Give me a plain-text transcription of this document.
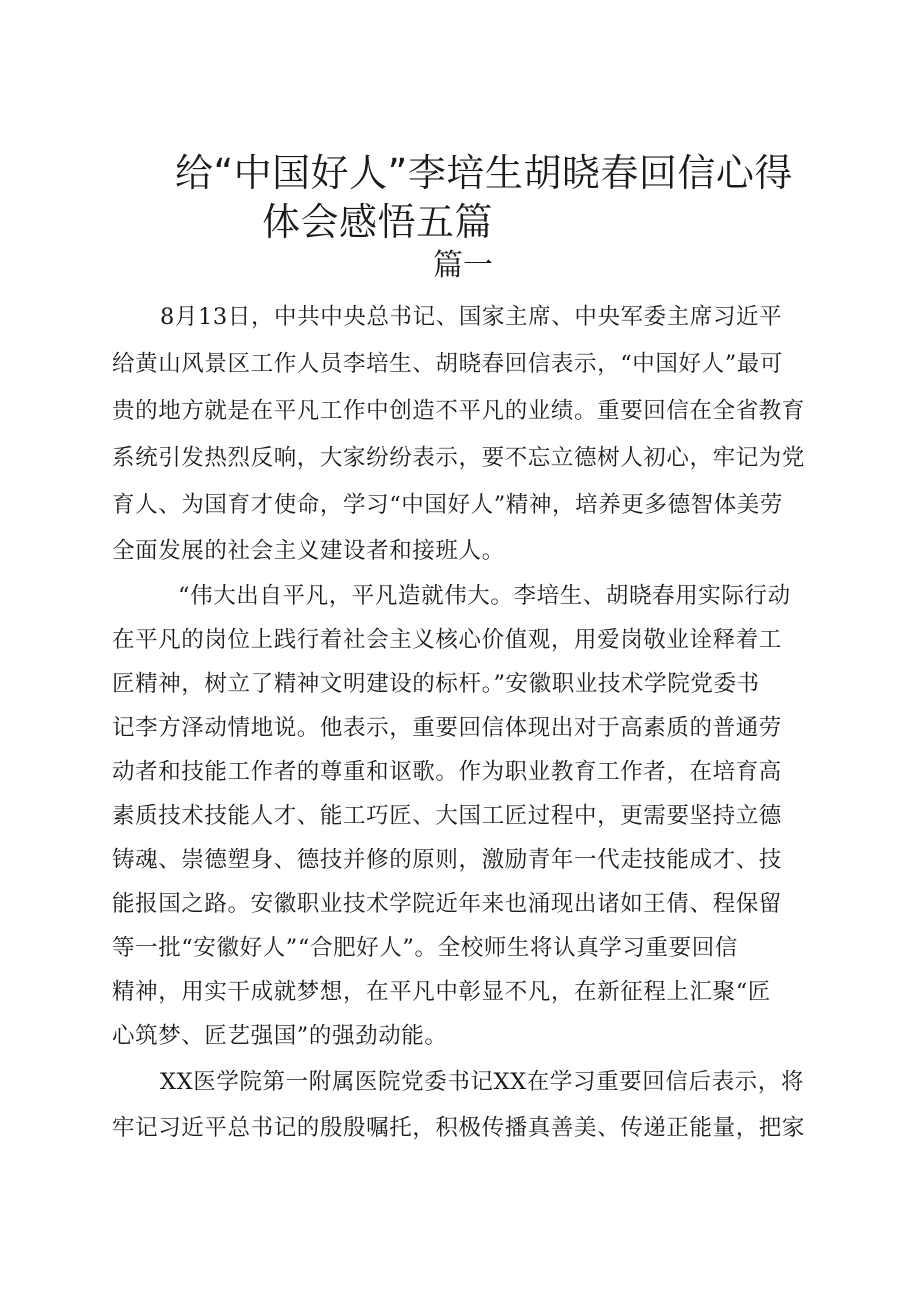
给“中国好人”李培生胡晓春回信心得
体会感悟五篇
篇一
8月13日，中共中央总书记、国家主席、中央军委主席习近平
给黄山风景区工作人员李培生、胡晓春回信表示，“中国好人”最可
贵的地方就是在平凡工作中创造不平凡的业绩。重要回信在全省教育
系统引发热烈反响，大家纷纷表示，要不忘立德树人初心，牢记为党
育人、为国育才使命，学习“中国好人”精神，培养更多德智体美劳
全面发展的社会主义建设者和接班人。
“伟大出自平凡，平凡造就伟大。李培生、胡晓春用实际行动
在平凡的岗位上践行着社会主义核心价值观，用爱岗敬业诠释着工
匠精神，树立了精神文明建设的标杆。”安徽职业技术学院党委书
记李方泽动情地说。他表示，重要回信体现出对于高素质的普通劳
动者和技能工作者的尊重和讴歌。作为职业教育工作者，在培育高
素质技术技能人才、能工巧匠、大国工匠过程中，更需要坚持立德
铸魂、崇德塑身、德技并修的原则，激励青年一代走技能成才、技
能报国之路。安徽职业技术学院近年来也涌现出诸如王倩、程保留
等一批“安徽好人”“合肥好人”。全校师生将认真学习重要回信
精神，用实干成就梦想，在平凡中彰显不凡，在新征程上汇聚“匠
心筑梦、匠艺强国”的强劲动能。
XX医学院第一附属医院党委书记XX在学习重要回信后表示，将
牢记习近平总书记的殷殷嘱托，积极传播真善美、传递正能量，把家
